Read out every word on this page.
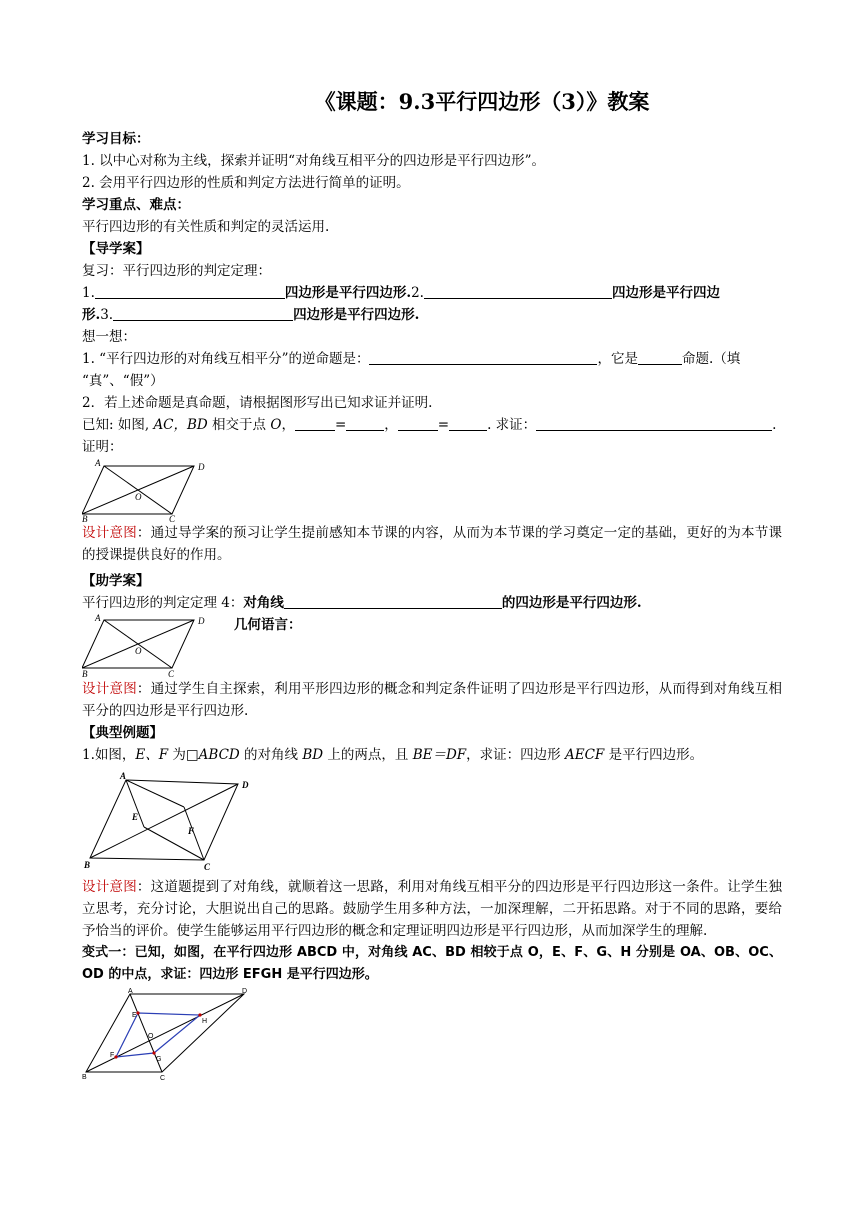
《课题：9.3平行四边形（3）》教案

学习目标：

1. 以中心对称为主线，探索并证明“对角线互相平分的四边形是平行四边形”。

2. 会用平行四边形的性质和判定方法进行简单的证明。

学习重点、难点：

平行四边形的有关性质和判定的灵活运用.

【导学案】

复习：平行四边形的判定定理：

1.	四边形是平行四边形.2.	四边形是平行四边

形.3.	四边形是平行四边形.

想一想：

1. “平行四边形的对角线互相平分”的逆命题是：	，它是	命题.（填

“真”、“假”）

2．若上述命题是真命题，请根据图形写出已知求证并证明.

已知: 如图, AC，BD 相交于点 O，	=	，	=	. 求证：	.

证明：

A	D
B	C
O

设计意图：通过导学案的预习让学生提前感知本节课的内容，从而为本节课的学习奠定一定的基础，更好的为本节课的授课提供良好的作用。

【助学案】

平行四边形的判定定理 4：对角线	的四边形是平行四边形.

A	D
B	C
O

几何语言：

设计意图：通过学生自主探索，利用平形四边形的概念和判定条件证明了四边形是平行四边形，从而得到对角线互相平分的四边形是平行四边形.

【典型例题】

1.如图，E、F 为□ABCD 的对角线 BD 上的两点，且 BE＝DF，求证：四边形 AECF 是平行四边形。

A
D
B	C
E
F

设计意图：这道题提到了对角线，就顺着这一思路，利用对角线互相平分的四边形是平行四边形这一条件。让学生独立思考，充分讨论，大胆说出自己的思路。鼓励学生用多种方法，一加深理解，二开拓思路。对于不同的思路，要给予恰当的评价。使学生能够运用平行四边形的概念和定理证明四边形是平行四边形，从而加深学生的理解.

变式一：已知，如图，在平行四边形 ABCD 中，对角线 AC、BD 相较于点 O，E、F、G、H 分别是 OA、OB、OC、OD 的中点，求证：四边形 EFGH 是平行四边形。

A	D
B	C
O
E
F
G
H
